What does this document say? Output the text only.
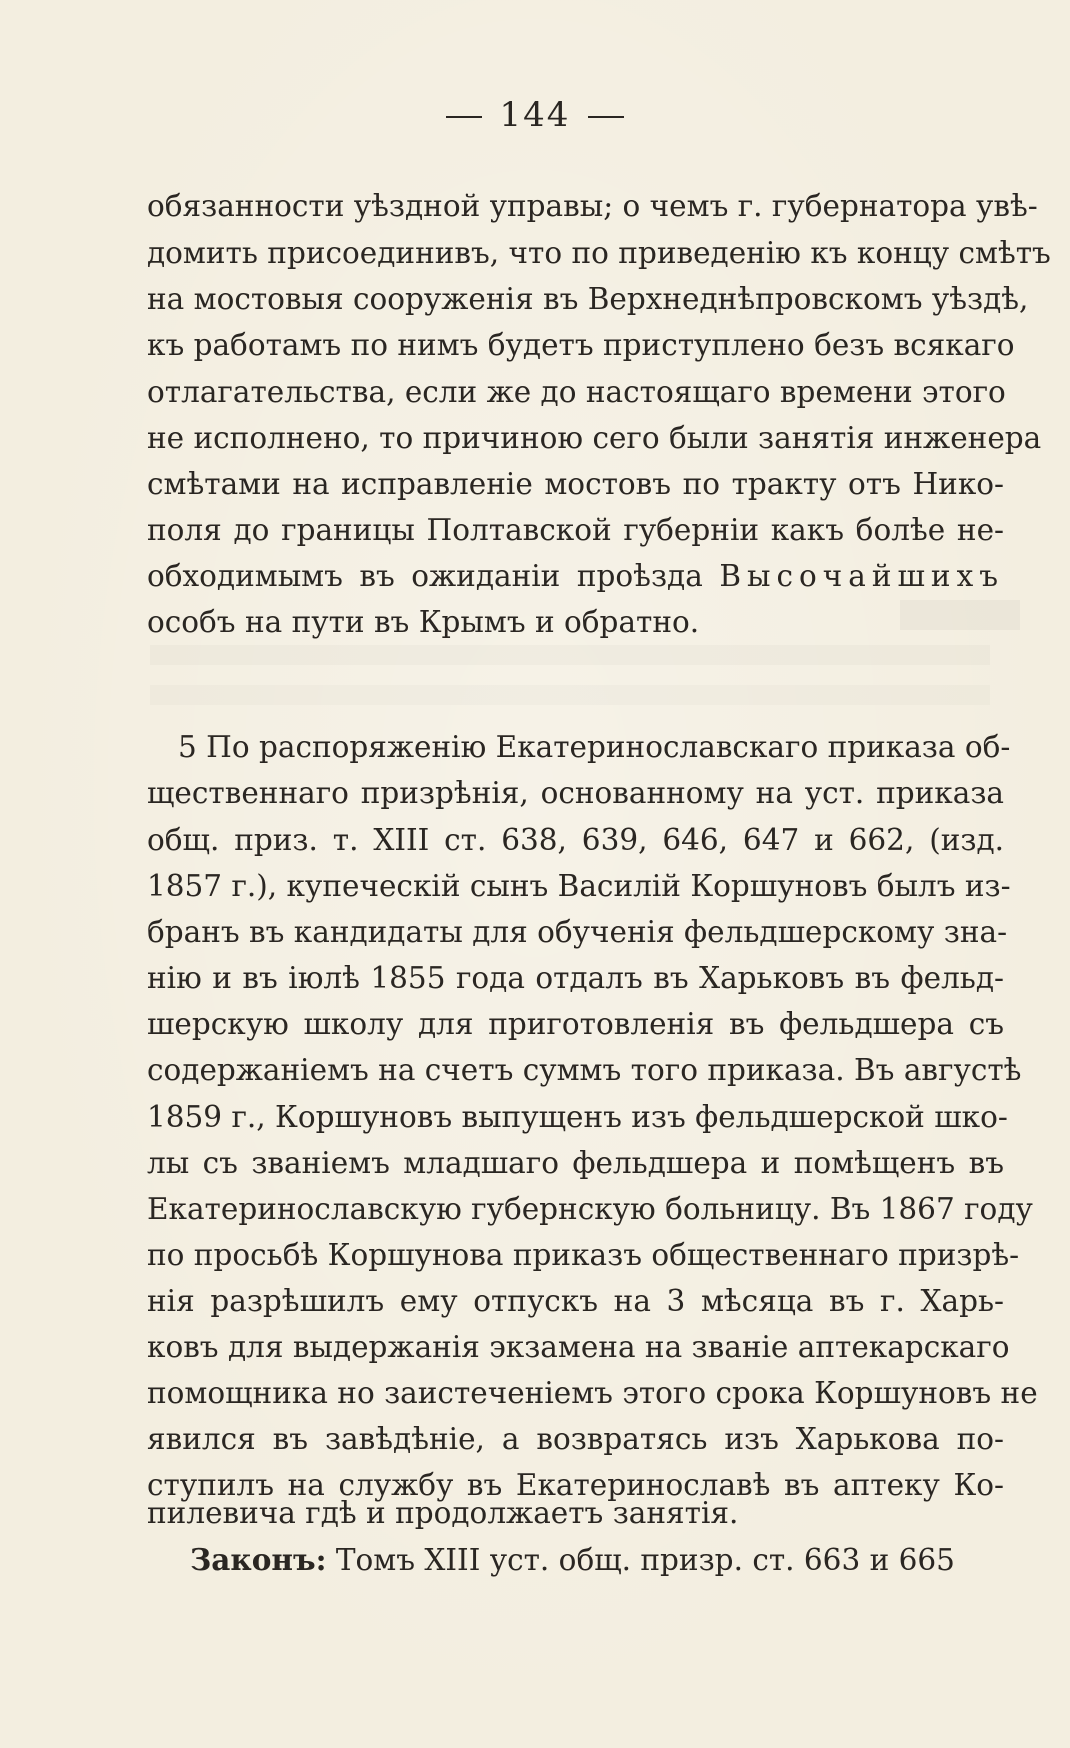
144
обязанности уѣздной управы; о чемъ г. губернатора увѣ-
домить присоединивъ, что по приведенію къ концу смѣтъ
на мостовыя сооруженія въ Верхнеднѣпровскомъ уѣздѣ,
къ работамъ по нимъ будетъ приступлено безъ всякаго
отлагательства, если же до настоящаго времени этого
не исполнено, то причиною сего были занятія инженера
смѣтами на исправленіе мостовъ по тракту отъ Нико-
поля до границы Полтавской губерніи какъ болѣе не-
обходимымъ въ ожиданіи проѣзда Высочайшихъ
особъ на пути въ Крымъ и обратно.
5 По распоряженію Екатеринославскаго приказа об-
щественнаго призрѣнія, основанному на уст. приказа
общ. приз. т. XIII ст. 638, 639, 646, 647 и 662, (изд.
1857 г.), купеческій сынъ Василій Коршуновъ былъ из-
бранъ въ кандидаты для обученія фельдшерскому зна-
нію и въ іюлѣ 1855 года отдалъ въ Харьковъ въ фельд-
шерскую школу для приготовленія въ фельдшера съ
содержаніемъ на счетъ суммъ того приказа. Въ августѣ
1859 г., Коршуновъ выпущенъ изъ фельдшерской шко-
лы съ званіемъ младшаго фельдшера и помѣщенъ въ
Екатеринославскую губернскую больницу. Въ 1867 году
по просьбѣ Коршунова приказъ общественнаго призрѣ-
нія разрѣшилъ ему отпускъ на 3 мѣсяца въ г. Харь-
ковъ для выдержанія экзамена на званіе аптекарскаго
помощника но заистеченіемъ этого срока Коршуновъ не
явился въ завѣдѣніе, а возвратясь изъ Харькова по-
ступилъ на службу въ Екатеринославѣ въ аптеку Ко-
пилевича гдѣ и продолжаетъ занятія.
Законъ: Томъ XIII уст. общ. призр. ст. 663 и 665
